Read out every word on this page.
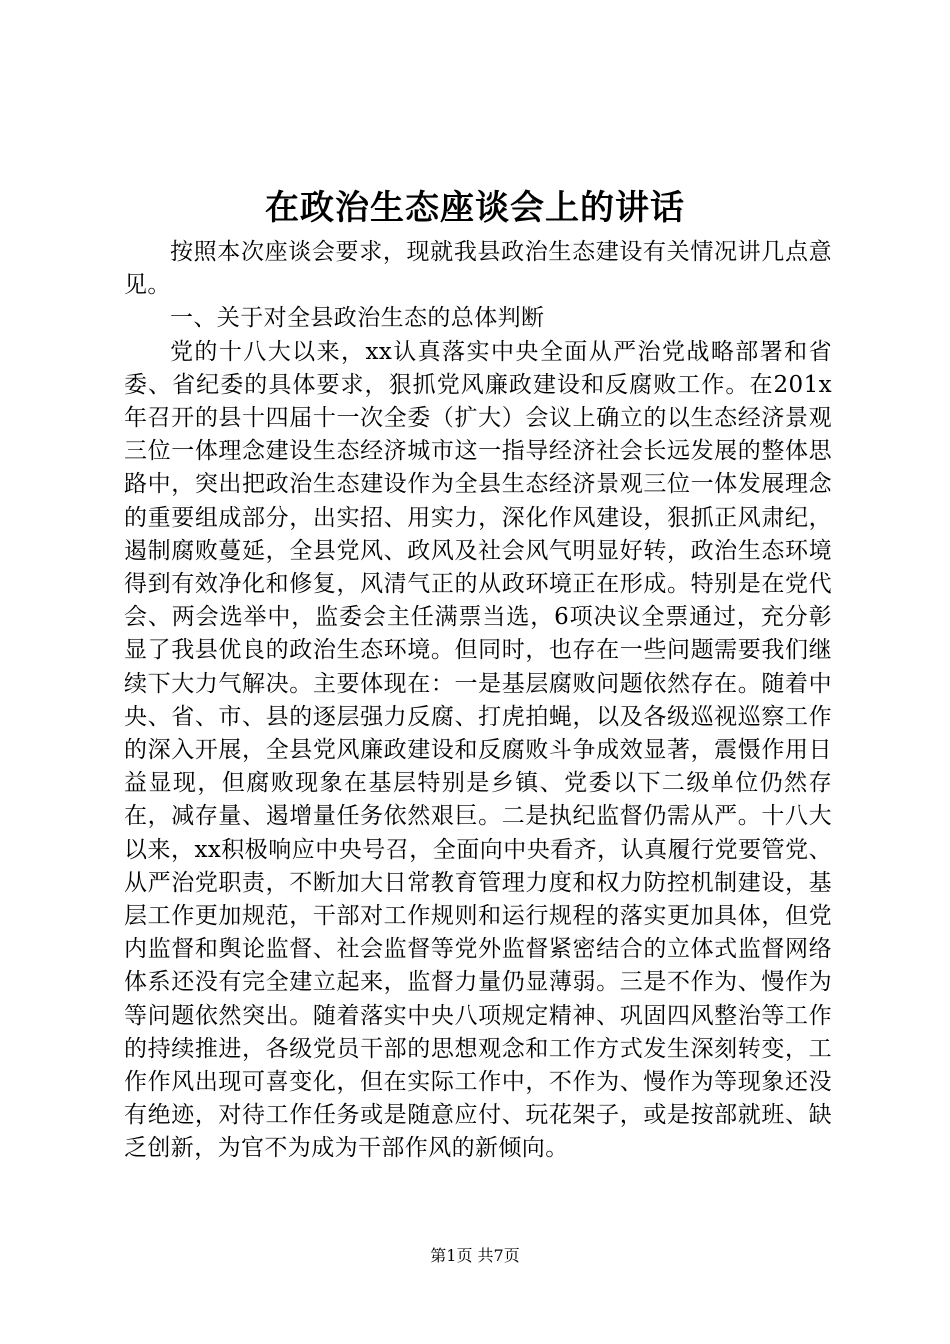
在政治生态座谈会上的讲话

按照本次座谈会要求，现就我县政治生态建设有关情况讲几点意见。

一、关于对全县政治生态的总体判断

党的十八大以来，xx认真落实中央全面从严治党战略部署和省委、省纪委的具体要求，狠抓党风廉政建设和反腐败工作。在201x年召开的县十四届十一次全委（扩大）会议上确立的以生态经济景观三位一体理念建设生态经济城市这一指导经济社会长远发展的整体思路中，突出把政治生态建设作为全县生态经济景观三位一体发展理念的重要组成部分，出实招、用实力，深化作风建设，狠抓正风肃纪，遏制腐败蔓延，全县党风、政风及社会风气明显好转，政治生态环境得到有效净化和修复，风清气正的从政环境正在形成。特别是在党代会、两会选举中，监委会主任满票当选，6项决议全票通过，充分彰显了我县优良的政治生态环境。但同时，也存在一些问题需要我们继续下大力气解决。主要体现在：一是基层腐败问题依然存在。随着中央、省、市、县的逐层强力反腐、打虎拍蝇，以及各级巡视巡察工作的深入开展，全县党风廉政建设和反腐败斗争成效显著，震慑作用日益显现，但腐败现象在基层特别是乡镇、党委以下二级单位仍然存在，减存量、遏增量任务依然艰巨。二是执纪监督仍需从严。十八大以来，xx积极响应中央号召，全面向中央看齐，认真履行党要管党、从严治党职责，不断加大日常教育管理力度和权力防控机制建设，基层工作更加规范，干部对工作规则和运行规程的落实更加具体，但党内监督和舆论监督、社会监督等党外监督紧密结合的立体式监督网络体系还没有完全建立起来，监督力量仍显薄弱。三是不作为、慢作为等问题依然突出。随着落实中央八项规定精神、巩固四风整治等工作的持续推进，各级党员干部的思想观念和工作方式发生深刻转变，工作作风出现可喜变化，但在实际工作中，不作为、慢作为等现象还没有绝迹，对待工作任务或是随意应付、玩花架子，或是按部就班、缺乏创新，为官不为成为干部作风的新倾向。

第1页 共7页
